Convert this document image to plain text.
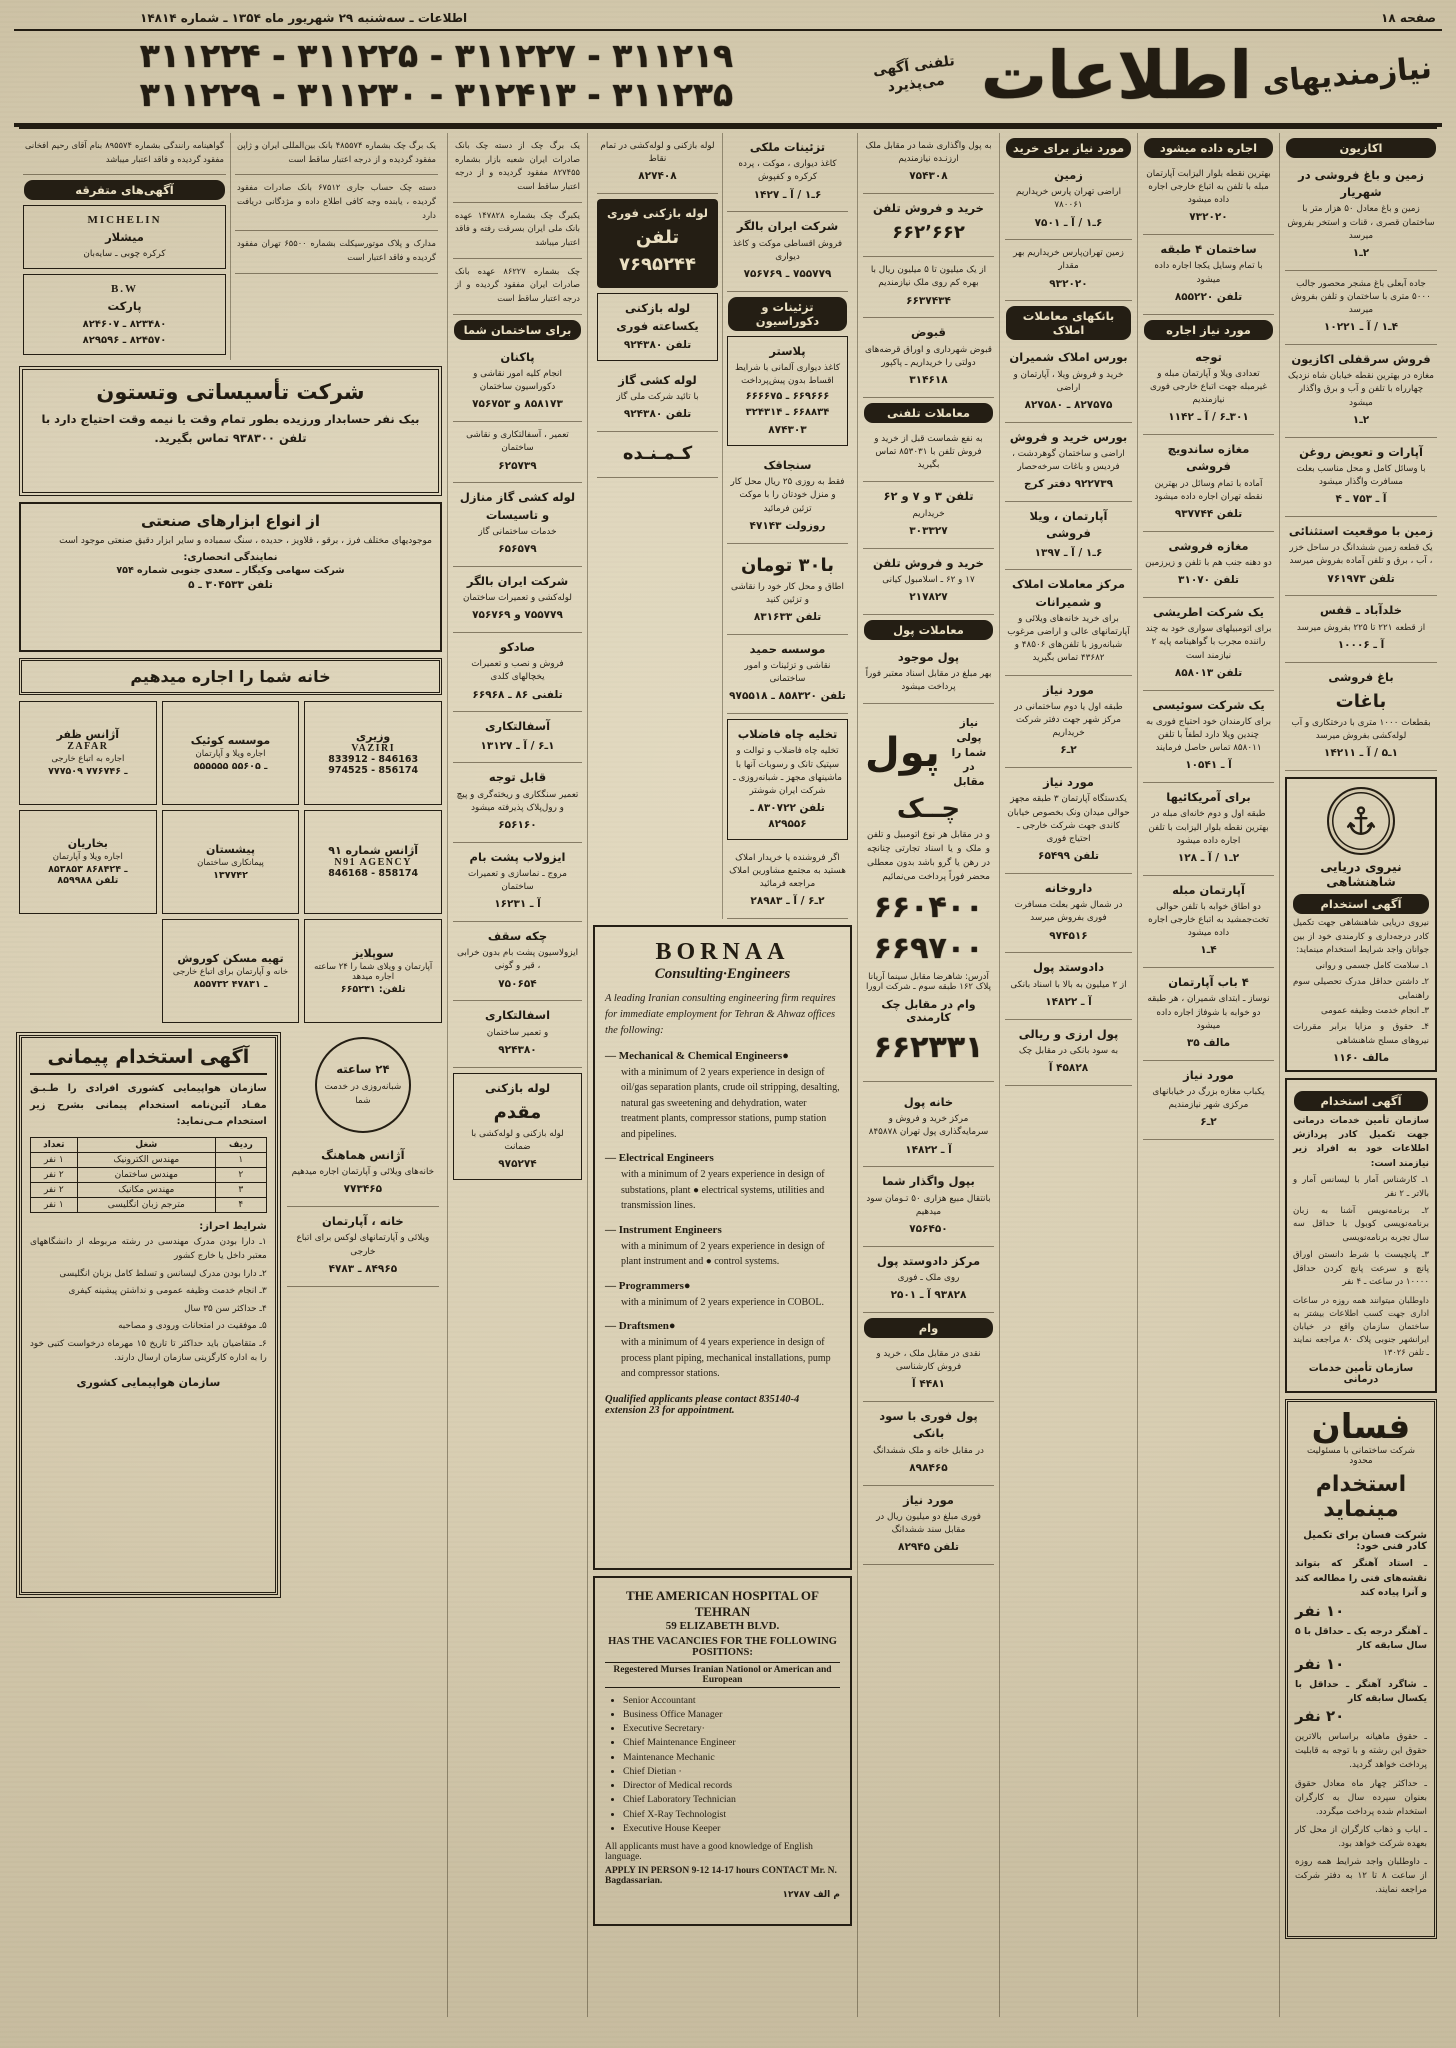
صفحه ۱۸
اطلاعات ـ سه‌شنبه ۲۹ شهریور ماه ۱۳۵۴ ـ شماره ۱۴۸۱۴
نیازمندیهای
اطلاعات
تلفنی آگهی می‌پذیرد
۳۱۱۲۲۴ - ۳۱۱۲۲۵ - ۳۱۱۲۲۷ - ۳۱۱۲۱۹
۳۱۱۲۲۹ - ۳۱۱۲۳۰ - ۳۱۲۴۱۳ - ۳۱۱۲۳۵
اکازیون
زمین و باغ فروشی در شهریار
زمین و باغ معادل ۵۰ هزار متر با ساختمان قصری ، قنات و استخر بفروش میرسد
۲ـ۱
جاده آبعلی باغ مشجر محصور جالب ۵۰۰۰ متری با ساختمان و تلفن بفروش میرسد
۴ـ۱ / آ ـ ۱۰۲۲۱
فروش سرقفلی اکازیون
مغازه در بهترین نقطه خیابان شاه نزدیک چهارراه با تلفن و آب و برق واگذار میشود
۲ـ۱
آپارات و تعویض روغن
با وسائل کامل و محل مناسب بعلت مسافرت واگذار میشود
آ ـ ۷۵۳ ـ ۴
زمین با موقعیت استثنائی
یک قطعه زمین ششدانگ در ساحل خزر ، آب ، برق و تلفن آماده بفروش میرسد
تلفن ۷۶۱۹۷۳
خلدآباد ـ قفس
از قطعه ۲۲۱ تا ۲۲۵ بفروش میرسد
آ ـ ۱۰۰۰۶
باغ فروشی
باغات
بقطعات ۱۰۰۰ متری با درختکاری و آب لوله‌کشی بفروش میرسد
۱ـ۵ / آ ـ ۱۴۲۱۱
نیروی دریایی شاهنشاهی
آگهی استخدام
نیروی دریایی شاهنشاهی جهت تکمیل کادر درجه‌داری و کارمندی خود از بین جوانان واجد شرایط استخدام مینماید:
۱ـ سلامت کامل جسمی و روانی
۲ـ داشتن حداقل مدرک تحصیلی سوم راهنمایی
۳ـ انجام خدمت وظیفه عمومی
۴ـ حقوق و مزایا برابر مقررات نیروهای مسلح شاهنشاهی
مالف ۱۱۶۰
آگهی استخدام
سازمان تأمین خدمات درمانی جهت تکمیل کادر پردازش اطلاعات خود به افراد زیر نیازمند است:
۱ـ کارشناس آمار با لیسانس آمار و بالاتر ـ ۲ نفر
۲ـ برنامه‌نویس آشنا به زبان برنامه‌نویسی کوبول با حداقل سه سال تجربه برنامه‌نویسی
۳ـ پانچیست با شرط دانستن اوراق پانچ و سرعت پانچ کردن حداقل ۱۰۰۰۰ در ساعت ـ ۴ نفر
داوطلبان میتوانند همه روزه در ساعات اداری جهت کسب اطلاعات بیشتر به ساختمان سازمان واقع در خیابان ایرانشهر جنوبی پلاک ۸۰ مراجعه نمایند ـ تلفن ۱۳۰۲۶
سازمان تأمین خدمات درمانی
فسان
شرکت ساختمانی با مسئولیت محدود
استخدام مینماید
شرکت فسان برای تکمیل کادر فنی خود:
ـ استاد آهنگر که بتواند نقشه‌های فنی را مطالعه کند و آنرا پیاده کند
۱۰ نفر
ـ آهنگر درجه یک ـ حداقل با ۵ سال سابقه کار
۱۰ نفر
ـ شاگرد آهنگر ـ حداقل با یکسال سابقه کار
۲۰ نفر
ـ حقوق ماهیانه براساس بالاترین حقوق این رشته و با توجه به قابلیت پرداخت خواهد گردید.
ـ حداکثر چهار ماه معادل حقوق بعنوان سپرده سال به کارگران استخدام شده پرداخت میگردد.
ـ ایاب و ذهاب کارگران از محل کار بعهده شرکت خواهد بود.
ـ داوطلبان واجد شرایط همه روزه از ساعت ۸ تا ۱۲ به دفتر شرکت مراجعه نمایند.
اجاره داده میشود
بهترین نقطه بلوار الیزابت آپارتمان مبله با تلفن به اتباع خارجی اجاره داده میشود
۷۳۲۰۲۰
ساختمان ۴ طبقه
با تمام وسایل یکجا اجاره داده میشود
تلفن ۸۵۵۲۲۰
مورد نیاز اجاره
توجه
تعدادی ویلا و آپارتمان مبله و غیرمبله جهت اتباع خارجی فوری نیازمندیم
۳۰۱ـ۶ / آ ـ ۱۱۴۲
مغازه ساندویچ فروشی
آماده با تمام وسائل در بهترین نقطه تهران اجاره داده میشود
تلفن ۹۳۷۷۴۴
مغازه فروشی
دو دهنه جنب هم با تلفن و زیرزمین
تلفن ۳۱۰۷۰
یک شرکت اطریشی
برای اتومبیلهای سواری خود به چند راننده مجرب با گواهینامه پایه ۲ نیازمند است
تلفن ۸۵۸۰۱۳
یک شرکت سوئیسی
برای کارمندان خود احتیاج فوری به چندین ویلا دارد لطفاً با تلفن ۸۵۸۰۱۱ تماس حاصل فرمایند
آ ـ ۱۰۵۴۱
برای آمریکائیها
طبقه اول و دوم خانه‌ای مبله در بهترین نقطه بلوار الیزابت با تلفن اجاره داده میشود
۲ـ۱ / آ ـ ۱۲۸
آپارتمان مبله
دو اطاق خوابه با تلفن حوالی تخت‌جمشید به اتباع خارجی اجاره داده میشود
۴ـ۱
۴ باب آپارتمان
نوساز ـ ابتدای شمیران ، هر طبقه دو خوابه با شوفاژ اجاره داده میشود
مالف ۳۵
مورد نیاز
یکباب مغازه بزرگ در خیابانهای مرکزی شهر نیازمندیم
۲ـ۶
مورد نیاز برای خرید
زمین
اراضی تهران پارس خریداریم ۷۸۰۰۶۱
۶ـ۱ / آ ـ ۷۵۰۱
زمین تهران‌پارس خریداریم بهر مقدار
۹۳۲۰۲۰
بانکهای معاملات املاک
بورس املاک شمیران
خرید و فروش ویلا ، آپارتمان و اراضی
۸۲۷۵۷۵ ـ ۸۲۷۵۸۰
بورس خرید و فروش
اراضی و ساختمان گوهردشت ، فردیس و باغات سرخه‌حصار
۹۲۲۷۳۹ دفتر کرج
آپارتمان ، ویلا فروشی
۶ـ۱ / آ ـ ۱۳۹۷
مرکز معاملات املاک و شمیرانات
برای خرید خانه‌های ویلائی و آپارتمانهای عالی و اراضی مرغوب شبانه‌روز با تلفن‌های ۴۸۵۰۶ و ۴۳۶۸۲ تماس بگیرید
مورد نیاز
طبقه اول یا دوم ساختمانی در مرکز شهر جهت دفتر شرکت خریداریم
۲ـ۶
مورد نیاز
یکدستگاه آپارتمان ۳ طبقه مجهز حوالی میدان ونک بخصوص خیابان کاندی جهت شرکت خارجی ـ احتیاج فوری
تلفن ۶۵۴۹۹
داروخانه
در شمال شهر بعلت مسافرت فوری بفروش میرسد
۹۷۴۵۱۶
دادوستد پول
از ۲ میلیون به بالا با اسناد بانکی
آ ـ ۱۴۸۲۲
پول ارزی و ریالی
به سود بانکی در مقابل چک
۴۵۸۲۸ آ
به پول واگذاری شما در مقابل ملک ارزنـده نیازمندیم
۷۵۴۳۰۸
خرید و فروش تلفن
۶۶۲٬۶۶۲
از یک میلیون تا ۵ میلیون ریال با بهره کم روی ملک نیازمندیم
۶۶۳۷۴۳۴
قبوض
قبوض شهرداری و اوراق قرضه‌های دولتی را خریداریم ـ پاکپور
۳۱۴۶۱۸
معاملات تلفنی
به نفع شماست قبل از خرید و فروش تلفن با ۸۵۳۰۳۱ تماس بگیرید
تلفن ۳ و ۷ و ۶۲
خریداریم
۳۰۳۳۲۷
خرید و فروش تلفن
۱۷ و ۶۲ ـ اسلامبول کیانی
۲۱۷۸۲۷
معاملات پول
پول موجود
بهر مبلغ در مقابل اسناد معتبر فوراً پرداخت میشود
نیاز پولی شما را در مقابل
پول
چــک

و در مقابل هر نوع اتومبیل و تلفن و ملک و یا اسناد تجارتی چنانچه در رهن یا گرو باشد بدون معطلی محضر فوراً پرداخت می‌نمائیم

۶۶۰۴۰۰
۶۶۹۷۰۰

آدرس: شاهرضا مقابل سینما آریانا پلاک ۱۶۲ طبقه سوم ـ شرکت ارورا

وام در مقابل چک کارمندی
۶۶۲۳۳۱
خانه پول
مرکز خرید و فروش و سرمایه‌گذاری پول تهران ۸۴۵۸۷۸
آ ـ ۱۴۸۲۲
بپول واگذار شما
بانتقال مبیع هزاری ۵۰ تـومان سود میدهیم
۷۵۶۴۵۰
مرکز دادوستد پول
روی ملک ـ فوری
۹۳۸۲۸ آ ـ ۲۵۰۱
وام
نقدی در مقابل ملک ، خرید و فروش کارشناسی
۴۴۸۱ آ
پول فوری با سود بانکی
در مقابل خانه و ملک ششدانگ
۸۹۸۴۶۵
مورد نیاز
فوری مبلغ دو میلیون ریال در مقابل سند ششدانگ
تلفن ۸۲۹۴۵
تزئینات ملکی
کاغذ دیواری ، موکت ، پرده کرکره و کفپوش
۶ـ۱ / آ ـ ۱۴۲۷
شرکت ایران بالگر
فروش اقساطی موکت و کاغذ دیواری
۷۵۵۷۷۹ ـ ۷۵۶۷۶۹
تزئینات و دکوراسیون
پلاستر
کاغذ دیواری آلمانی با شرایط اقساط بدون پیش‌پرداخت
۶۶۹۶۶۶ ـ ۶۶۶۶۷۵
۶۶۸۸۳۴ ـ ۳۲۴۳۱۴
۸۷۴۳۰۳
سنجاقک
فقط به روزی ۲۵ ریال محل کار و منزل خودتان را با موکت تزئین فرمائید
روزولت ۴۷۱۴۳
با۳۰ تومان
اطاق و محل کار خود را نقاشی و تزئین کنید
تلفن ۸۳۱۶۳۳
موسسه حمید
نقاشی و تزئینات و امور ساختمانی
تلفن ۸۵۸۳۲۰ ـ ۹۷۵۵۱۸
تخلیه چاه فاضلاب
تخلیه چاه فاضلاب و توالت و سپتیک تانک و رسوبات آنها با ماشینهای مجهز ـ شبانه‌روزی ـ شرکت ایران شوشتر
تلفن ۸۳۰۷۲۲ ـ ۸۲۹۵۵۶
اگر فروشنده یا خریدار املاک هستید به مجتمع مشاورین املاک مراجعه فرمائید
۲ـ۶ / آ ـ ۲۸۹۸۳
لوله بازکنی و لوله‌کشی در تمام نقاط
۸۲۷۴۰۸
لوله بازکنی فوری
تلفن ۷۶۹۵۲۴۴
لوله بازکنی یکساعته فوری
تلفن ۹۲۴۳۸۰
لوله کشی گاز
با تائید شرکت ملی گاز
تلفن ۹۲۴۳۸۰
کـمـنـده
BORNAA
Consulting·Engineers

A leading Iranian consulting engineering firm requires for immediate employment for Tehran & Ahwaz offices the following:

— Mechanical & Chemical Engineers●

with a minimum of 2 years experience in design of oil/gas separation plants, crude oil stripping, desalting, natural gas sweetening and dehydration, water treatment plants, compressor stations, pump station and pipelines.

— Electrical Engineers

with a minimum of 2 years experience in design of substations, plant ● electrical systems, utilities and transmission lines.

— Instrument Engineers

with a minimum of 2 years experience in design of plant instrument and ● control systems.

— Programmers●

with a minimum of 2 years experience in COBOL.

— Draftsmen●

with a minimum of 4 years experience in design of process plant piping, mechanical installations, pump and compressor stations.

Qualified applicants please contact 835140-4 extension 23 for appointment.

THE AMERICAN HOSPITAL OF TEHRAN
59 ELIZABETH BLVD.
HAS THE VACANCIES FOR THE FOLLOWING POSITIONS:
Regestered Murses Iranian Nationol or American and European
• Senior Accountant
• Business Office Manager
• Executive Secretary·
• Chief Maintenance Engineer
• Maintenance Mechanic
• Chief Dietian ·
• Director of Medical records
• Chief Laboratory Technician
• Chief X-Ray Technologist
• Executive House Keeper

All applicants must have a good knowledge of English language.

APPLY IN PERSON 9-12 14-17 hours CONTACT Mr. N. Bagdassarian.

م الف ۱۲۷۸۷
یک برگ چک از دسته چک بانک صادرات ایران شعبه بازار بشماره ۸۲۷۴۵۵ مفقود گردیده و از درجه اعتبار ساقط است
یکبرگ چک بشماره ۱۴۷۸۲۸ عهده بانک ملی ایران بسرقت رفته و فاقد اعتبار میباشد
چک بشماره ۸۶۲۲۷ عهده بانک صادرات ایران مفقود گردیده و از درجه اعتبار ساقط است
برای ساختمان شما
پاکنان
انجام کلیه امور نقاشی و دکوراسیون ساختمان
۸۵۸۱۷۳ و ۷۵۶۷۵۳
تعمیر ، آسفالتکاری و نقاشی ساختمان
۶۲۵۷۳۹
لوله کشی گاز منازل و تاسیسات
خدمات ساختمانی گاز
۶۵۶۵۷۹
شرکت ایران بالگر
لوله‌کشی و تعمیرات ساختمان
۷۵۵۷۷۹ و ۷۵۶۷۶۹
صادکو
فروش و نصب و تعمیرات یخچالهای کلدی
تلفنی ۸۶ ـ ۶۶۹۶۸
آسفالتکاری
۱ـ۶ / آ ـ ۱۳۱۲۷
قابل توجه
تعمیر سنگکاری و ریخته‌گری و پیچ و رول‌پلاک پذیرفته میشود
۶۵۶۱۶۰
ایزولاب پشت بام
مروج ـ نماسازی و تعمیرات ساختمان
آ ـ ۱۶۲۳۱
چکه سقف
ایزولاسیون پشت بام بدون خرابی ، قیر و گونی
۷۵۰۶۵۴
اسفالتکاری
و تعمیر ساختمان
۹۲۴۳۸۰
لوله بازکنی
مقدم
لوله بازکنی و لوله‌کشی با ضمانت
۹۷۵۲۷۴
یک برگ چک بشماره ۴۸۵۵۷۴ بانک بین‌المللی ایران و ژاپن مفقود گردیده و از درجه اعتبار ساقط است
دسته چک حساب جاری ۶۷۵۱۲ بانک صادرات مفقود گردیده ، یابنده وجه کافی اطلاع داده و مژدگانی دریافت دارد
مدارک و پلاک موتورسیکلت بشماره ۶۵۵۰۰ تهران مفقود گردیده و فاقد اعتبار است
گواهینامه رانندگی بشماره ۸۹۵۵۷۴ بنام آقای رحیم افخانی مفقود گردیده و فاقد اعتبار میباشد
آگهی‌های متفرقه
MICHELIN
میشلار
کرکره چوبی ـ سایه‌بان
B.W
پارکت
۸۲۳۴۸۰ ـ ۸۲۴۶۰۷
۸۲۴۵۷۰ ـ ۸۲۹۵۹۶
شرکت تأسیساتی وتستون

بیک نفر حسابدار ورزیده بطور تمام وقت یا نیمه وقت احتیاج دارد با تلفن ۹۳۸۳۰۰ تماس بگیرید.

از انواع ابزارهای صنعتی

موجودیهای مختلف فرز ، برقو ، قلاویز ، حدیده ، سنگ سمباده و سایر ابزار دقیق صنعتی موجود است

نمایندگی انحصاری:
شرکت سهامی وکیگار ـ سعدی جنوبی شماره ۷۵۴
تلفن ۳۰۴۵۳۳ ـ ۵
خانه شما را اجاره میدهیم
وزیری
VAZIRI
833912 - 846163
974525 - 856174
موسسه کوئیک
اجاره ویلا و آپارتمان
۵۵۵۵۵۵ ـ ۵۵۶۰۵
آژانس ظفر
ZAFAR
اجاره به اتباع خارجی
۷۷۷۵۰۹ ـ ۷۷۶۷۴۶
آژانس شماره ۹۱
N91 AGENCY
846168 - 858174
پیشستان
پیمانکاری ساختمان
۱۳۷۷۴۲
بخاریان
اجاره ویلا و آپارتمان
۸۵۳۸۵۳ ـ ۸۶۸۴۲۴
تلفن ۸۵۹۹۸۸
سوپلایز
آپارتمان و ویلای شما را ۲۴ ساعته اجاره میدهد
تلفن: ۶۶۵۲۳۱
تهیه مسکن کوروش
خانه و آپارتمان برای اتباع خارجی
۸۵۵۷۳۲ ـ ۴۷۸۳۱
۲۴ ساعته
شبانه‌روزی در خدمت شما
آژانس هماهنگ
خانه‌های ویلائی و آپارتمان اجاره میدهیم
۷۷۳۴۶۵
خانه ، آپارتمان
ویلائی و آپارتمانهای لوکس برای اتباع خارجی
۸۴۹۶۵ ـ ۴۷۸۳
آگهی استخدام پیمانی

سازمان هواپیمایی کشوری افرادی را طـبـق مفـاد آئین‌نامه استخدام پیمانی بشرح زیر استخدام مـی‌نماید:

ردیف	شغل	تعداد
۱	مهندس الکترونیک	۱ نفر
۲	مهندس ساختمان	۲ نفر
۳	مهندس مکانیک	۲ نفر
۴	مترجم زبان انگلیسی	۱ نفر
شرایط احراز:
۱ـ دارا بودن مدرک مهندسی در رشته مربوطه از دانشگاههای معتبر داخل یا خارج کشور
۲ـ دارا بودن مدرک لیسانس و تسلط کامل بزبان انگلیسی
۳ـ انجام خدمت وظیفه عمومی و نداشتن پیشینه کیفری
۴ـ حداکثر سن ۳۵ سال
۵ـ موفقیت در امتحانات ورودی و مصاحبه
۶ـ متقاضیان باید حداکثر تا تاریخ ۱۵ مهرماه درخواست کتبی خود را به اداره کارگزینی سازمان ارسال دارند.
سازمان هواپیمایی کشوری
